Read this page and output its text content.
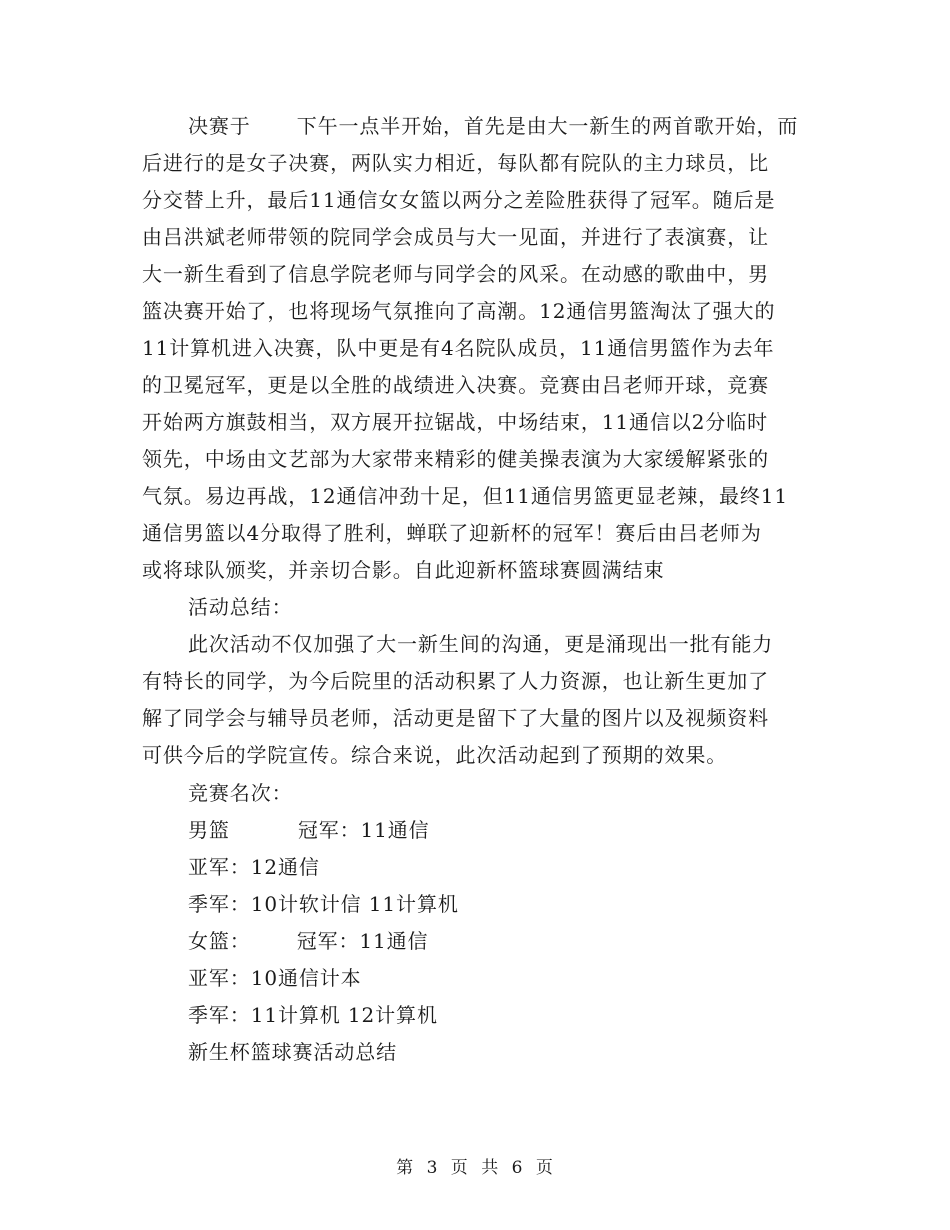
决赛于 下午一点半开始，首先是由大一新生的两首歌开始，而
后进行的是女子决赛，两队实力相近，每队都有院队的主力球员，比
分交替上升，最后11通信女女篮以两分之差险胜获得了冠军。随后是
由吕洪斌老师带领的院同学会成员与大一见面，并进行了表演赛，让
大一新生看到了信息学院老师与同学会的风采。在动感的歌曲中，男
篮决赛开始了，也将现场气氛推向了高潮。12通信男篮淘汰了强大的
11计算机进入决赛，队中更是有4名院队成员，11通信男篮作为去年
的卫冕冠军，更是以全胜的战绩进入决赛。竞赛由吕老师开球，竞赛
开始两方旗鼓相当，双方展开拉锯战，中场结束，11通信以2分临时
领先，中场由文艺部为大家带来精彩的健美操表演为大家缓解紧张的
气氛。易边再战，12通信冲劲十足，但11通信男篮更显老辣，最终11
通信男篮以4分取得了胜利，蝉联了迎新杯的冠军！赛后由吕老师为
或将球队颁奖，并亲切合影。自此迎新杯篮球赛圆满结束
活动总结：
此次活动不仅加强了大一新生间的沟通，更是涌现出一批有能力
有特长的同学，为今后院里的活动积累了人力资源，也让新生更加了
解了同学会与辅导员老师，活动更是留下了大量的图片以及视频资料
可供今后的学院宣传。综合来说，此次活动起到了预期的效果。
竞赛名次：
男篮	冠军：11通信
亚军：12通信
季军：10计软计信 11计算机
女篮： 冠军：11通信
亚军：10通信计本
季军：11计算机 12计算机
新生杯篮球赛活动总结
第 3 页 共 6 页
